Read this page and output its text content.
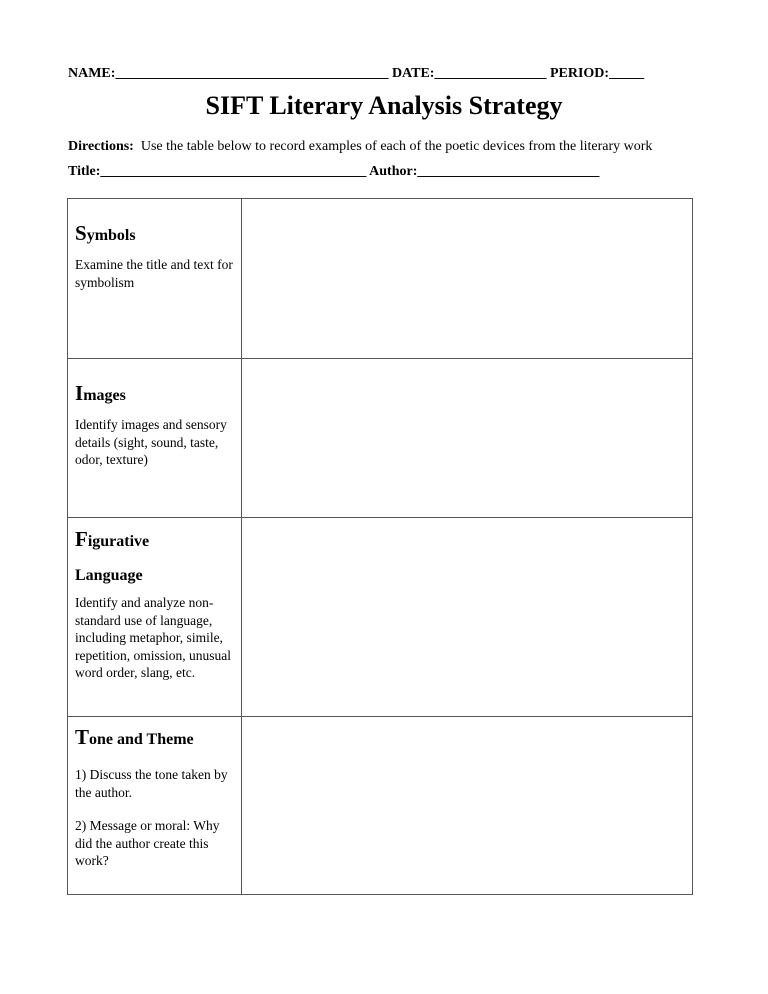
NAME:_______________________________________ DATE:________________ PERIOD:_____
SIFT Literary Analysis Strategy
Directions: Use the table below to record examples of each of the poetic devices from the literary work
Title:______________________________________ Author:__________________________
Symbols
Examine the title and text for symbolism	

Images
Identify images and sensory details (sight, sound, taste, odor, texture)	

Figurative
Language
Identify and analyze non-standard use of language, including metaphor, simile, repetition, omission, unusual word order, slang, etc.	

Tone and Theme
1) Discuss the tone taken by the author.
2) Message or moral: Why did the author create this work?	
